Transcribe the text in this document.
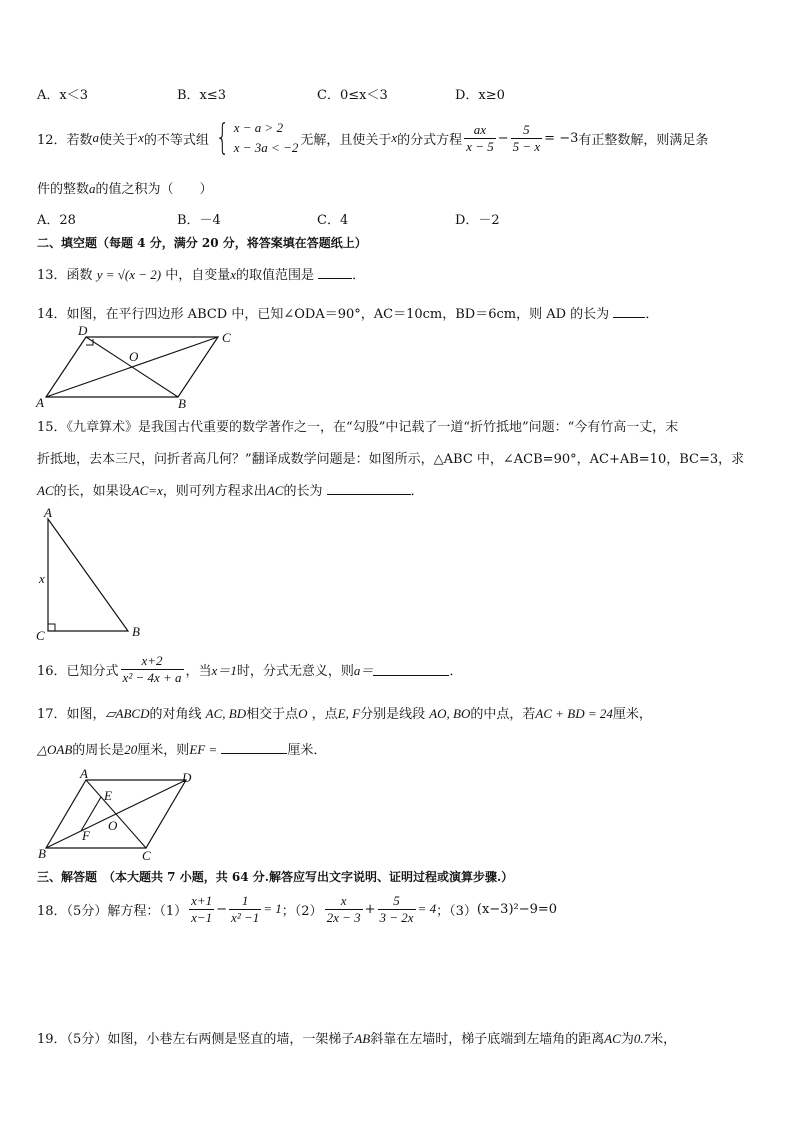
A．x＜3	B．x≤3	C．0≤x＜3	D．x≥0
12．若数 a 使关于 x 的不等式组 { x − a > 2
x − 3a < −2 无解，且使关于 x 的分式方程 $\frac{ax}{x - 5} - \frac{5}{5 - x} = -3$ 有正整数解，则满足条
件的整数a的值之积为（　　）
A．28	B．－4	C．4	D．－2
二、填空题（每题 4 分，满分 20 分，将答案填在答题纸上）
13．函数 y = √(x − 2) 中，自变量x的取值范围是	．
14．如图，在平行四边形 ABCD 中，已知∠ODA＝90°，AC＝10cm，BD＝6cm，则 AD 的长为	．
D	C
O
A	B
15．《九章算术》是我国古代重要的数学著作之一，在“勾股”中记载了一道“折竹抵地”问题：“今有竹高一丈，末
折抵地，去本三尺，问折者高几何？”翻译成数学问题是：如图所示，△ABC 中，∠ACB=90°，AC+AB=10，BC=3，求
AC的长，如果设AC=x，则可列方程求出AC的长为	．
A
x
C	B
16．已知分式 $\frac{x+2}{\text{x² − 4x + a}}$ ，当 x＝1 时，分式无意义，则 a＝	．
17．如图，▱ABCD的对角线 AC, BD相交于点O ，点E, F分别是线段 AO, BO的中点，若AC + BD = 24厘米，
△OAB的周长是20厘米，则EF =	厘米．
A	D
E
O
F
B	C
三、解答题　（本大题共 7 小题，共 64 分.解答应写出文字说明、证明过程或演算步骤.）
18．（5分）解方程：$(1) \frac{x+1}{x-1} - \frac{1}{\text{x² −1}} = 1$ ；$(2) \frac{x}{2x - 3} + \frac{5}{3 - 2x} = 4$ ；（3） (x−3)²−9=0
19．（5分）如图，小巷左右两侧是竖直的墙，一架梯子AB斜靠在左墙时，梯子底端到左墙角的距离AC为0.7米，
